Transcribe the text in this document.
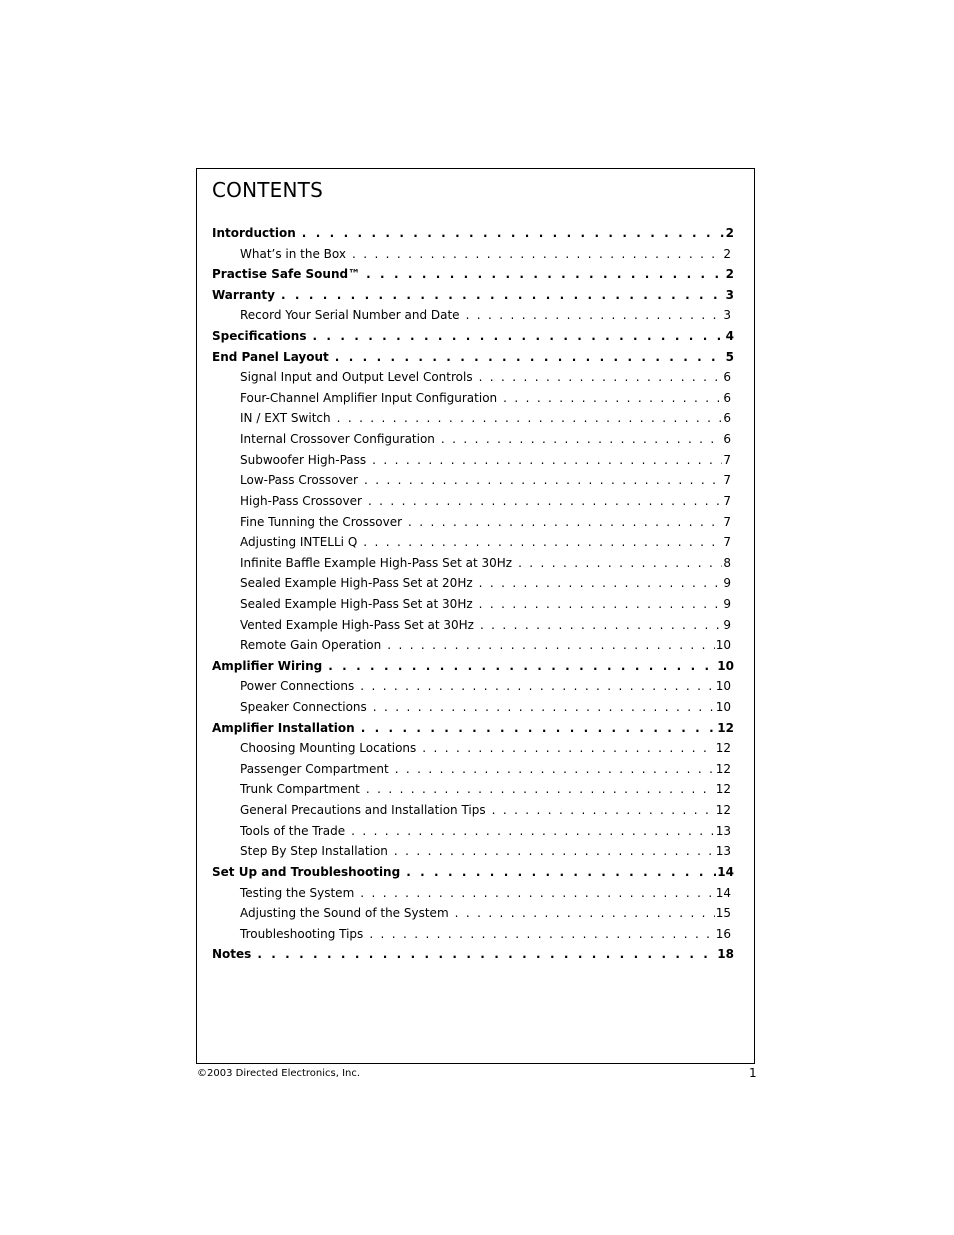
CONTENTS
Intorduction . . .	2
What’s in the Box . . .	2
Practise Safe Sound™ . . .	2
Warranty . . .	3
Record Your Serial Number and Date . . .	3
Specifications . . .	4
End Panel Layout . . .	5
Signal Input and Output Level Controls . . .	6
Four-Channel Amplifier Input Configuration . . .	6
IN / EXT Switch . . .	6
Internal Crossover Configuration . . .	6
Subwoofer High-Pass . . .	7
Low-Pass Crossover . . .	7
High-Pass Crossover . . .	7
Fine Tunning the Crossover . . .	7
Adjusting INTELLi Q . . .	7
Infinite Baffle Example High-Pass Set at 30Hz . . .	8
Sealed Example High-Pass Set at 20Hz . . .	9
Sealed Example High-Pass Set at 30Hz . . .	9
Vented Example High-Pass Set at 30Hz . . .	9
Remote Gain Operation . . .	10
Amplifier Wiring . . .	10
Power Connections . . .	10
Speaker Connections . . .	10
Amplifier Installation . . .	12
Choosing Mounting Locations . . .	12
Passenger Compartment . . .	12
Trunk Compartment . . .	12
General Precautions and Installation Tips . . .	12
Tools of the Trade . . .	13
Step By Step Installation . . .	13
Set Up and Troubleshooting . . .	14
Testing the System . . .	14
Adjusting the Sound of the System . . .	15
Troubleshooting Tips . . .	16
Notes . . .	18
©2003 Directed Electronics, Inc.	1
